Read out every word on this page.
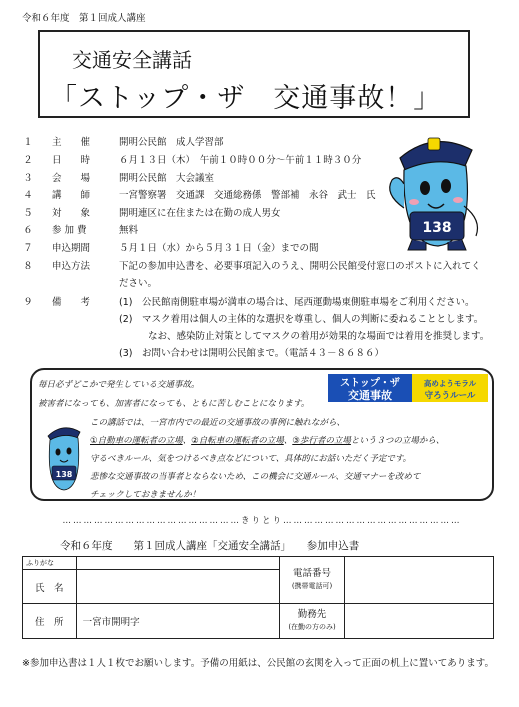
令和６年度　第１回成人講座
交通安全講話
「ストップ・ザ　交通事故！」
１ 主　　催	開明公民館　成人学習部
２ 日　　時	６月１３日（木）　午前１０時００分～午前１１時３０分
３ 会　　場	開明公民館　大会議室
４ 講　　師	一宮警察署　交通課　交通総務係　警部補　永谷　武士　氏
５ 対　　象	開明連区に在住または在勤の成人男女
６ 参 加 費	無料
７ 申込期間	５月１日（水）から５月３１日（金）までの間
８ 申込方法	下記の参加申込書を、必要事項記入のうえ、開明公民館受付窓口のポストに入れてく
ださい。
９ 備　　考	(1)　公民館南側駐車場が満車の場合は、尾西運動場東側駐車場をご利用ください。
(2)　マスク着用は個人の主体的な選択を尊重し、個人の判断に委ねることとします。
なお、感染防止対策としてマスクの着用が効果的な場面では着用を推奨します。
(3)　お問い合わせは開明公民館まで。（電話４３－８６８６）
138
毎日必ずどこかで発生している交通事故。
被害者になっても、加害者になっても、ともに苦しむことになります。
この講話では、一宮市内での最近の交通事故の事例に触れながら、
①自動車の運転者の立場、②自転車の運転者の立場、③歩行者の立場という３つの立場から、
守るべきルール、気をつけるべき点などについて、具体的にお話いただく予定です。
悲惨な交通事故の当事者とならないため、この機会に交通ルール、交通マナーを改めて
チェックしておきませんか！
ストップ・ザ
交通事故
高めようモラル
守ろうルール
138
……………………………………………きりとり……………………………………………
令和６年度　　第１回成人講座「交通安全講話」　　参加申込書
ふりがな		電話番号
(携帯電話可)	

氏　名			
住　所	一宮市開明字	勤務先
(在勤の方のみ)	

※参加申込書は１人１枚でお願いします。予備の用紙は、公民館の玄関を入って正面の机上に置いてあります。
